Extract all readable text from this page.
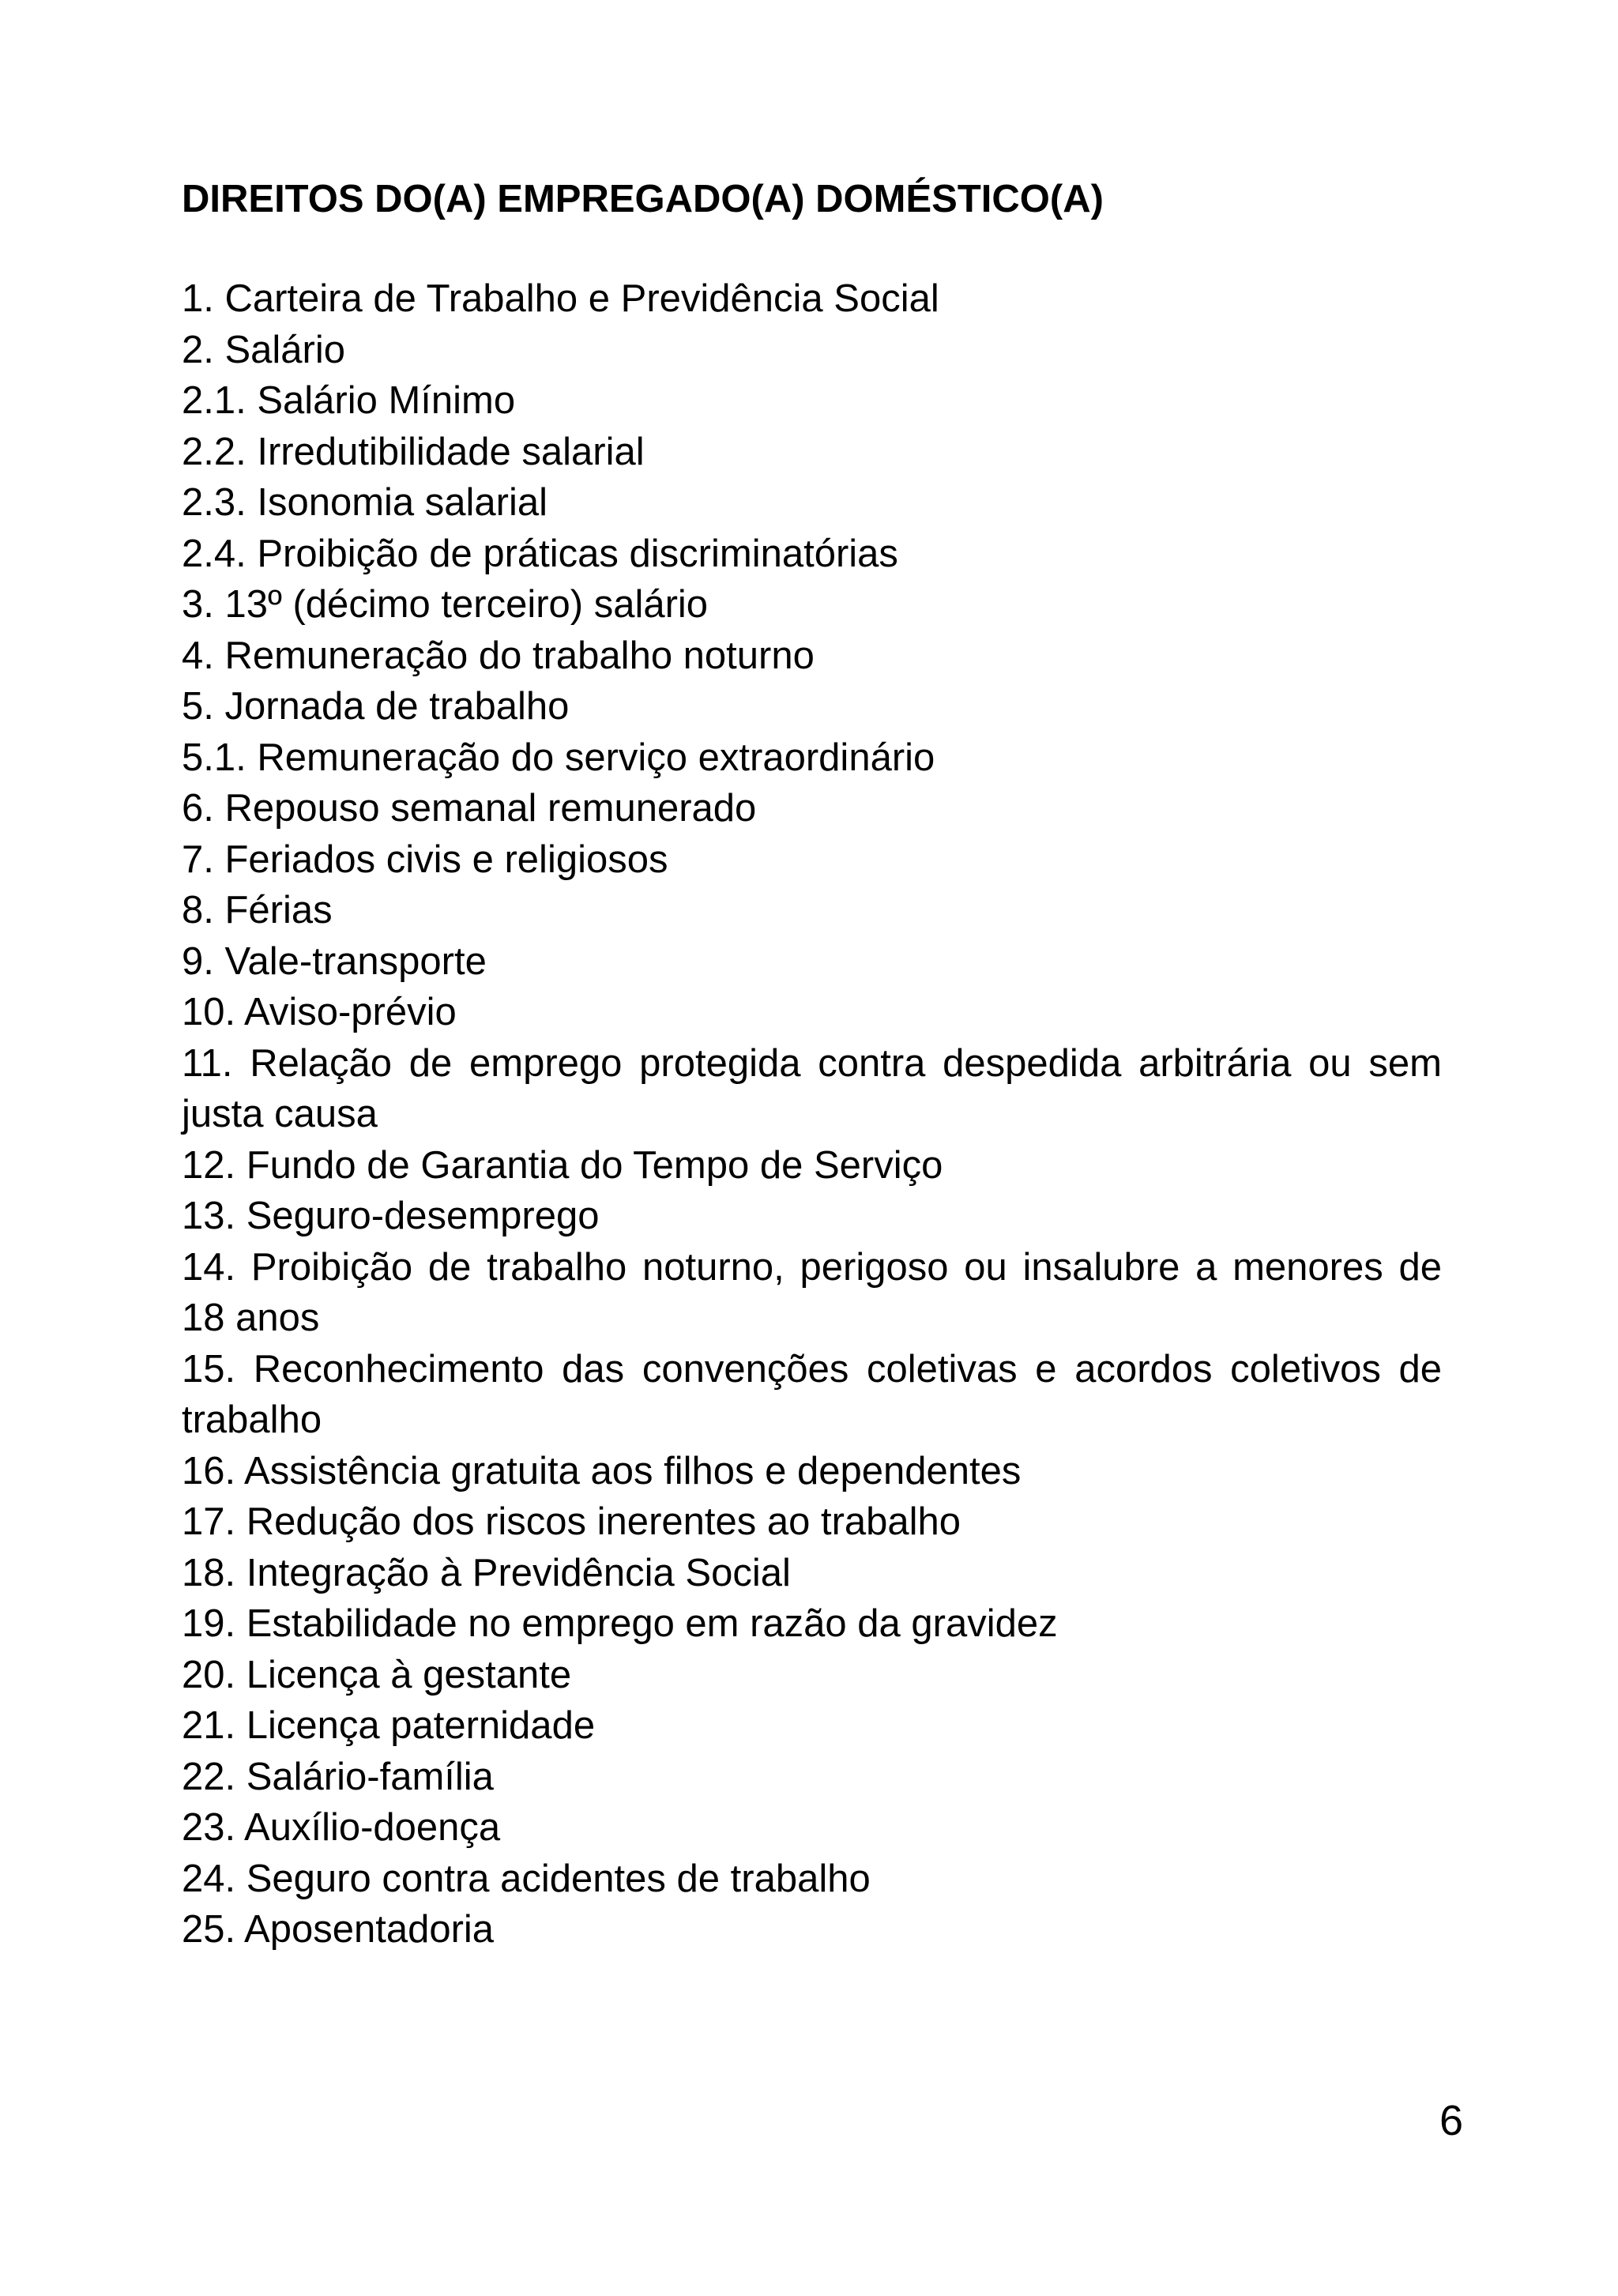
DIREITOS DO(A) EMPREGADO(A) DOMÉSTICO(A)
1. Carteira de Trabalho e Previdência Social
2. Salário
2.1. Salário Mínimo
2.2. Irredutibilidade salarial
2.3. Isonomia salarial
2.4. Proibição de práticas discriminatórias
3. 13º (décimo terceiro) salário
4. Remuneração do trabalho noturno
5. Jornada de trabalho
5.1. Remuneração do serviço extraordinário
6. Repouso semanal remunerado
7. Feriados civis e religiosos
8. Férias
9. Vale-transporte
10. Aviso-prévio
11. Relação de emprego protegida contra despedida arbitrária ou sem justa causa
12. Fundo de Garantia do Tempo de Serviço
13. Seguro-desemprego
14. Proibição de trabalho noturno, perigoso ou insalubre a menores de 18 anos
15. Reconhecimento das convenções coletivas e acordos coletivos de trabalho
16. Assistência gratuita aos filhos e dependentes
17. Redução dos riscos inerentes ao trabalho
18. Integração à Previdência Social
19. Estabilidade no emprego em razão da gravidez
20. Licença à gestante
21. Licença paternidade
22. Salário-família
23. Auxílio-doença
24. Seguro contra acidentes de trabalho
25. Aposentadoria
6
